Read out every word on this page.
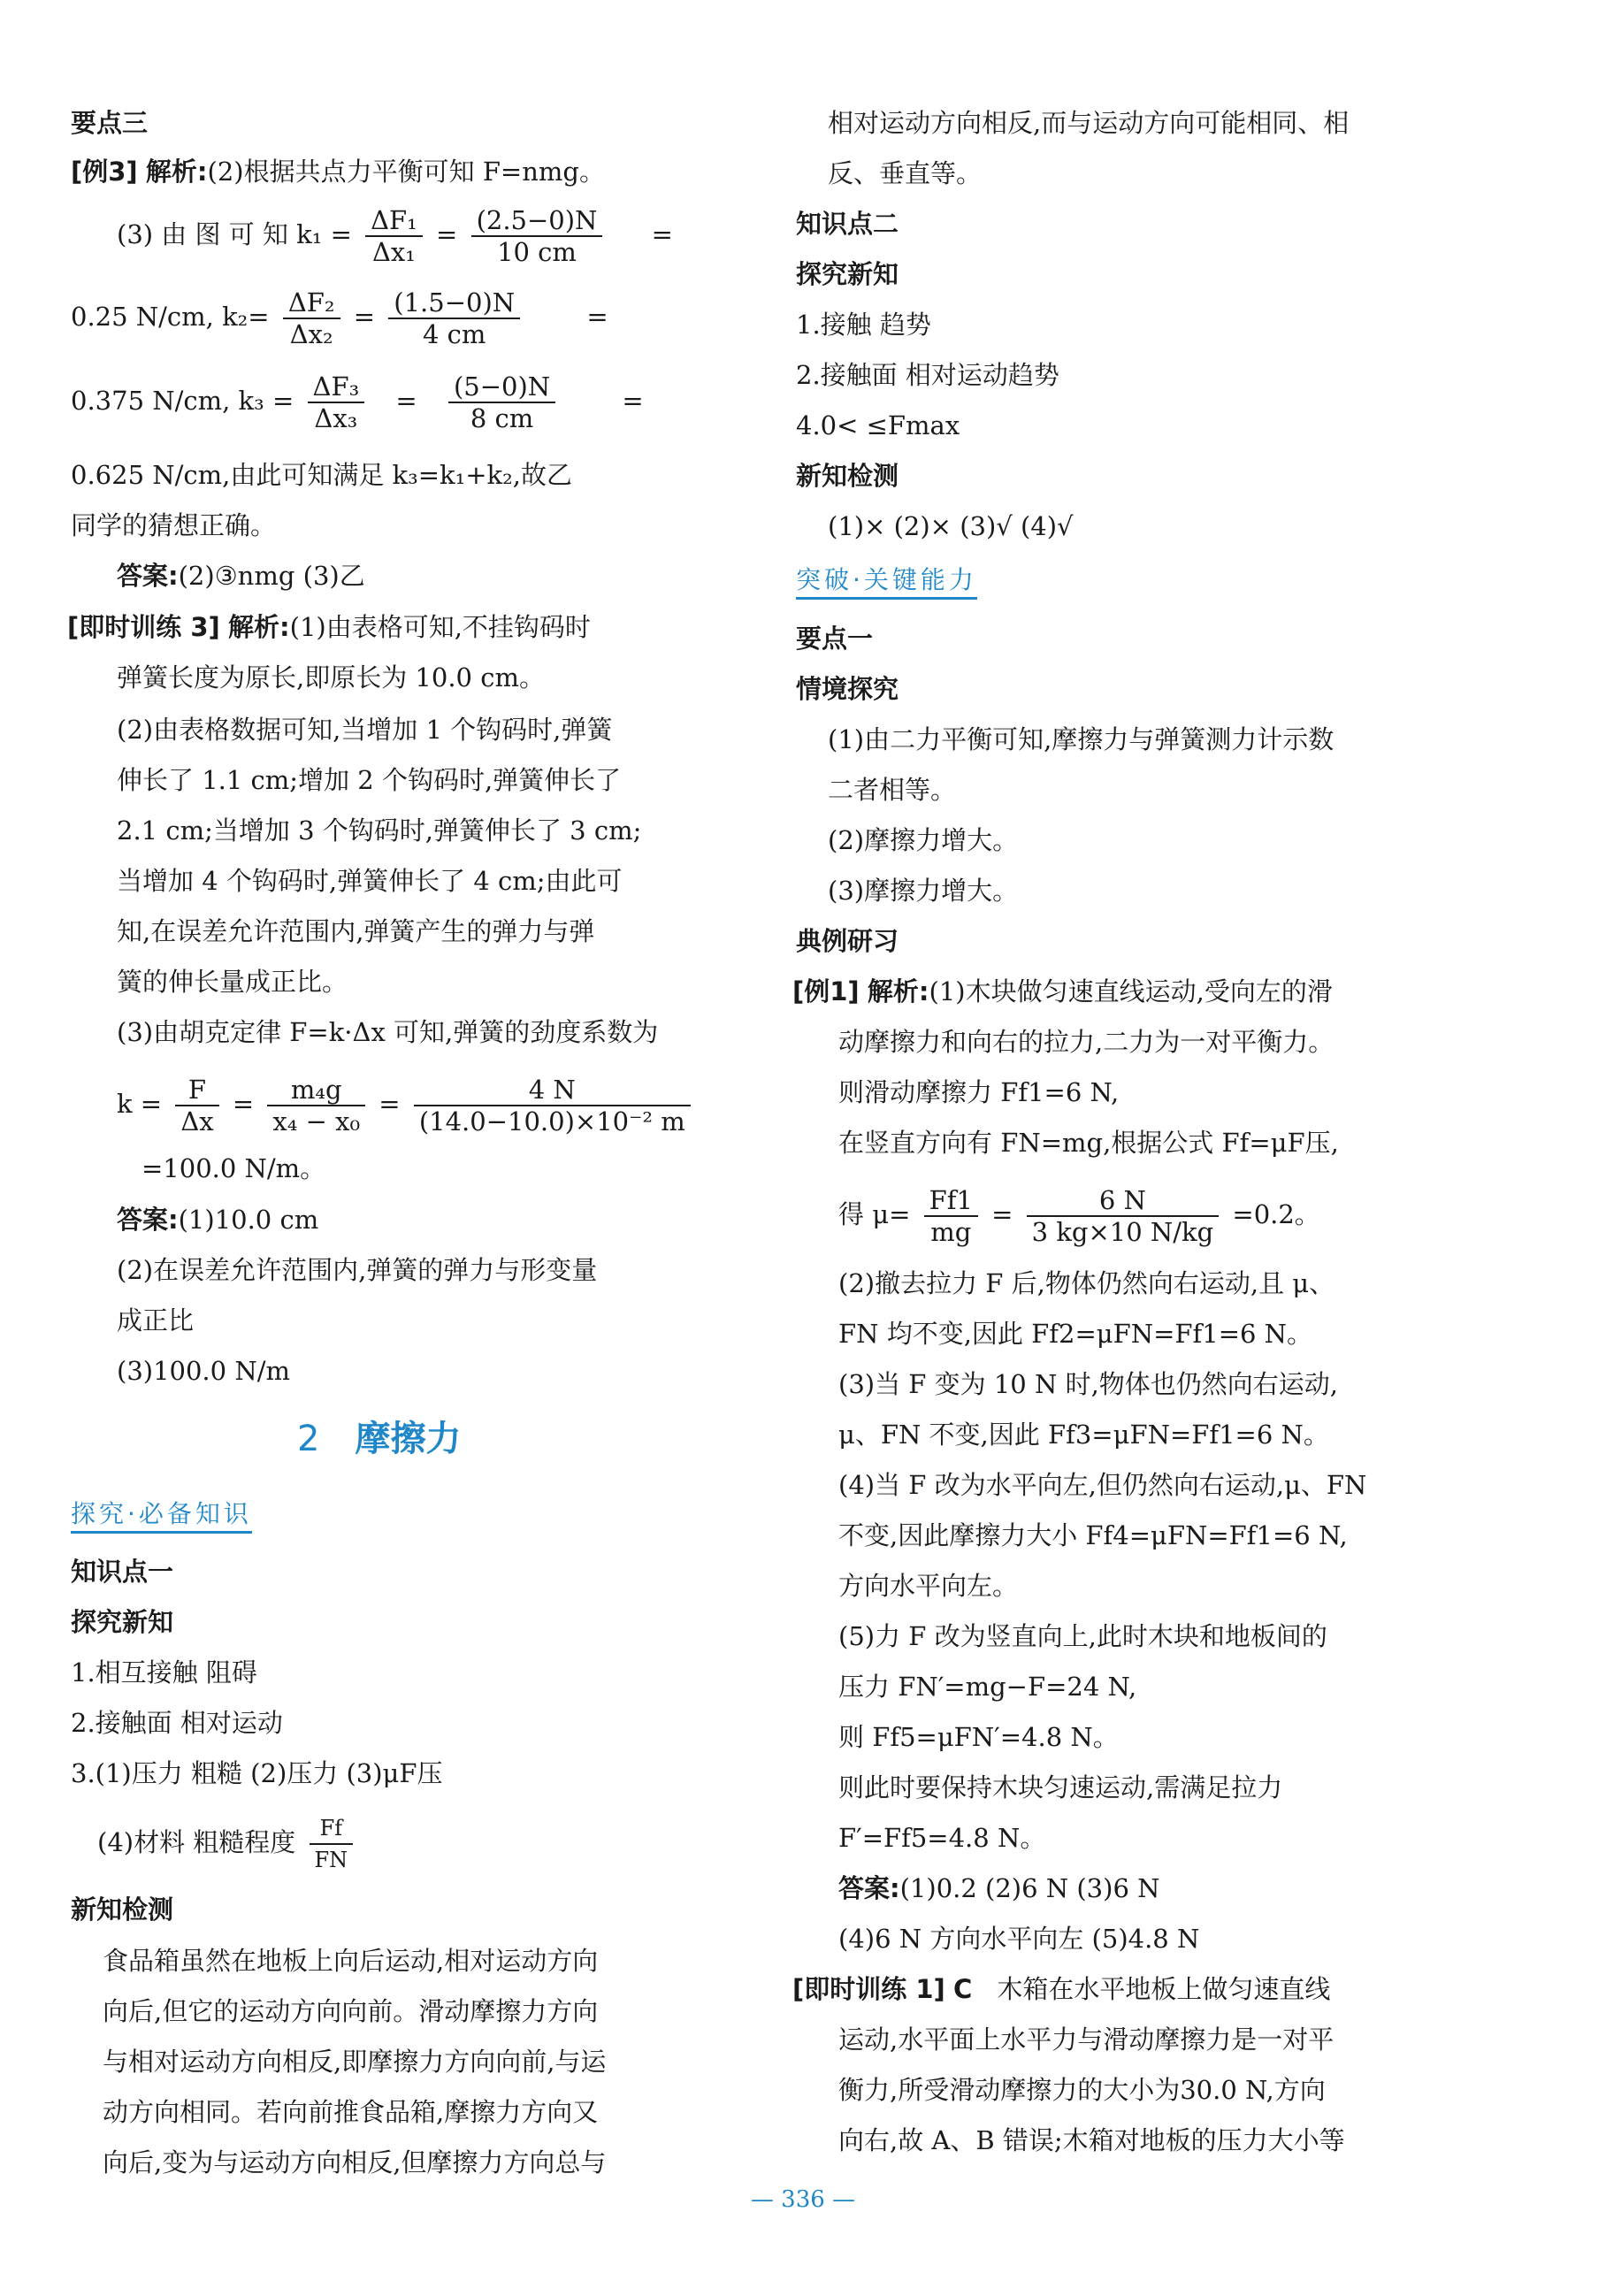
要点三
[例3] 解析:(2)根据共点力平衡可知 F=nmg。
(3) 由 图 可 知 $k_1 = \frac{\text{ΔF₁}}{\text{Δx₁}} = \frac{(2.5-0)N}{10 cm}$ =
0.25 N/cm, $k_2= \frac{\text{ΔF₂}}{\text{Δx₂}} = \frac{(1.5-0)N}{4 cm}$	=
0.375 N/cm, $k_3 = \frac{\text{ΔF₃}}{\text{Δx₃}} = \frac{(5-0)N}{8 cm}$	=
0.625 N/cm,由此可知满足 k₃=k₁+k₂,故乙
同学的猜想正确。
答案:(2)③nmg (3)乙
[即时训练 3] 解析:(1)由表格可知,不挂钩码时
弹簧长度为原长,即原长为 10.0 cm。
(2)由表格数据可知,当增加 1 个钩码时,弹簧
伸长了 1.1 cm;增加 2 个钩码时,弹簧伸长了
2.1 cm;当增加 3 个钩码时,弹簧伸长了 3 cm;
当增加 4 个钩码时,弹簧伸长了 4 cm;由此可
知,在误差允许范围内,弹簧产生的弹力与弹
簧的伸长量成正比。
(3)由胡克定律 F=k·Δx 可知,弹簧的劲度系数为
$k = \frac{F}{\Delta x} = \frac{\text{m₄g}}{\text{x₄ − x₀}} = \frac{4 N}{\text{(14.0−10.0)×10⁻² m}}$
=100.0 N/m。
答案:(1)10.0 cm
(2)在误差允许范围内,弹簧的弹力与形变量
成正比
(3)100.0 N/m
2 摩擦力
探究·必备知识
知识点一
探究新知
1.相互接触 阻碍
2.接触面 相对运动
3.(1)压力 粗糙 (2)压力 (3)μF压
(4)材料 粗糙程度 $\frac{Ff}{FN}$
新知检测
食品箱虽然在地板上向后运动,相对运动方向
向后,但它的运动方向向前。滑动摩擦力方向
与相对运动方向相反,即摩擦力方向向前,与运
动方向相同。若向前推食品箱,摩擦力方向又
向后,变为与运动方向相反,但摩擦力方向总与
相对运动方向相反,而与运动方向可能相同、相
反、垂直等。
知识点二
探究新知
1.接触 趋势
2.接触面 相对运动趋势
4.0< ≤Fmax
新知检测
(1)× (2)× (3)√ (4)√
突破·关键能力
要点一
情境探究
(1)由二力平衡可知,摩擦力与弹簧测力计示数
二者相等。
(2)摩擦力增大。
(3)摩擦力增大。
典例研习
[例1] 解析:(1)木块做匀速直线运动,受向左的滑
动摩擦力和向右的拉力,二力为一对平衡力。
则滑动摩擦力 Ff1=6 N,
在竖直方向有 FN=mg,根据公式 Ff=μF压,
得 $\mu= \frac{Ff1}{mg} = \frac{6 N}{3 kg\times 10 N/kg} =0.2$。
(2)撤去拉力 F 后,物体仍然向右运动,且 μ、
FN 均不变,因此 Ff2=μFN=Ff1=6 N。
(3)当 F 变为 10 N 时,物体也仍然向右运动,
μ、FN 不变,因此 Ff3=μFN=Ff1=6 N。
(4)当 F 改为水平向左,但仍然向右运动,μ、FN
不变,因此摩擦力大小 Ff4=μFN=Ff1=6 N,
方向水平向左。
(5)力 F 改为竖直向上,此时木块和地板间的
压力 FN′=mg−F=24 N,
则 Ff5=μFN′=4.8 N。
则此时要保持木块匀速运动,需满足拉力
F′=Ff5=4.8 N。
答案:(1)0.2 (2)6 N (3)6 N
(4)6 N 方向水平向左 (5)4.8 N
[即时训练 1] C 木箱在水平地板上做匀速直线
运动,水平面上水平力与滑动摩擦力是一对平
衡力,所受滑动摩擦力的大小为30.0 N,方向
向右,故 A、B 错误;木箱对地板的压力大小等
— 336 —
